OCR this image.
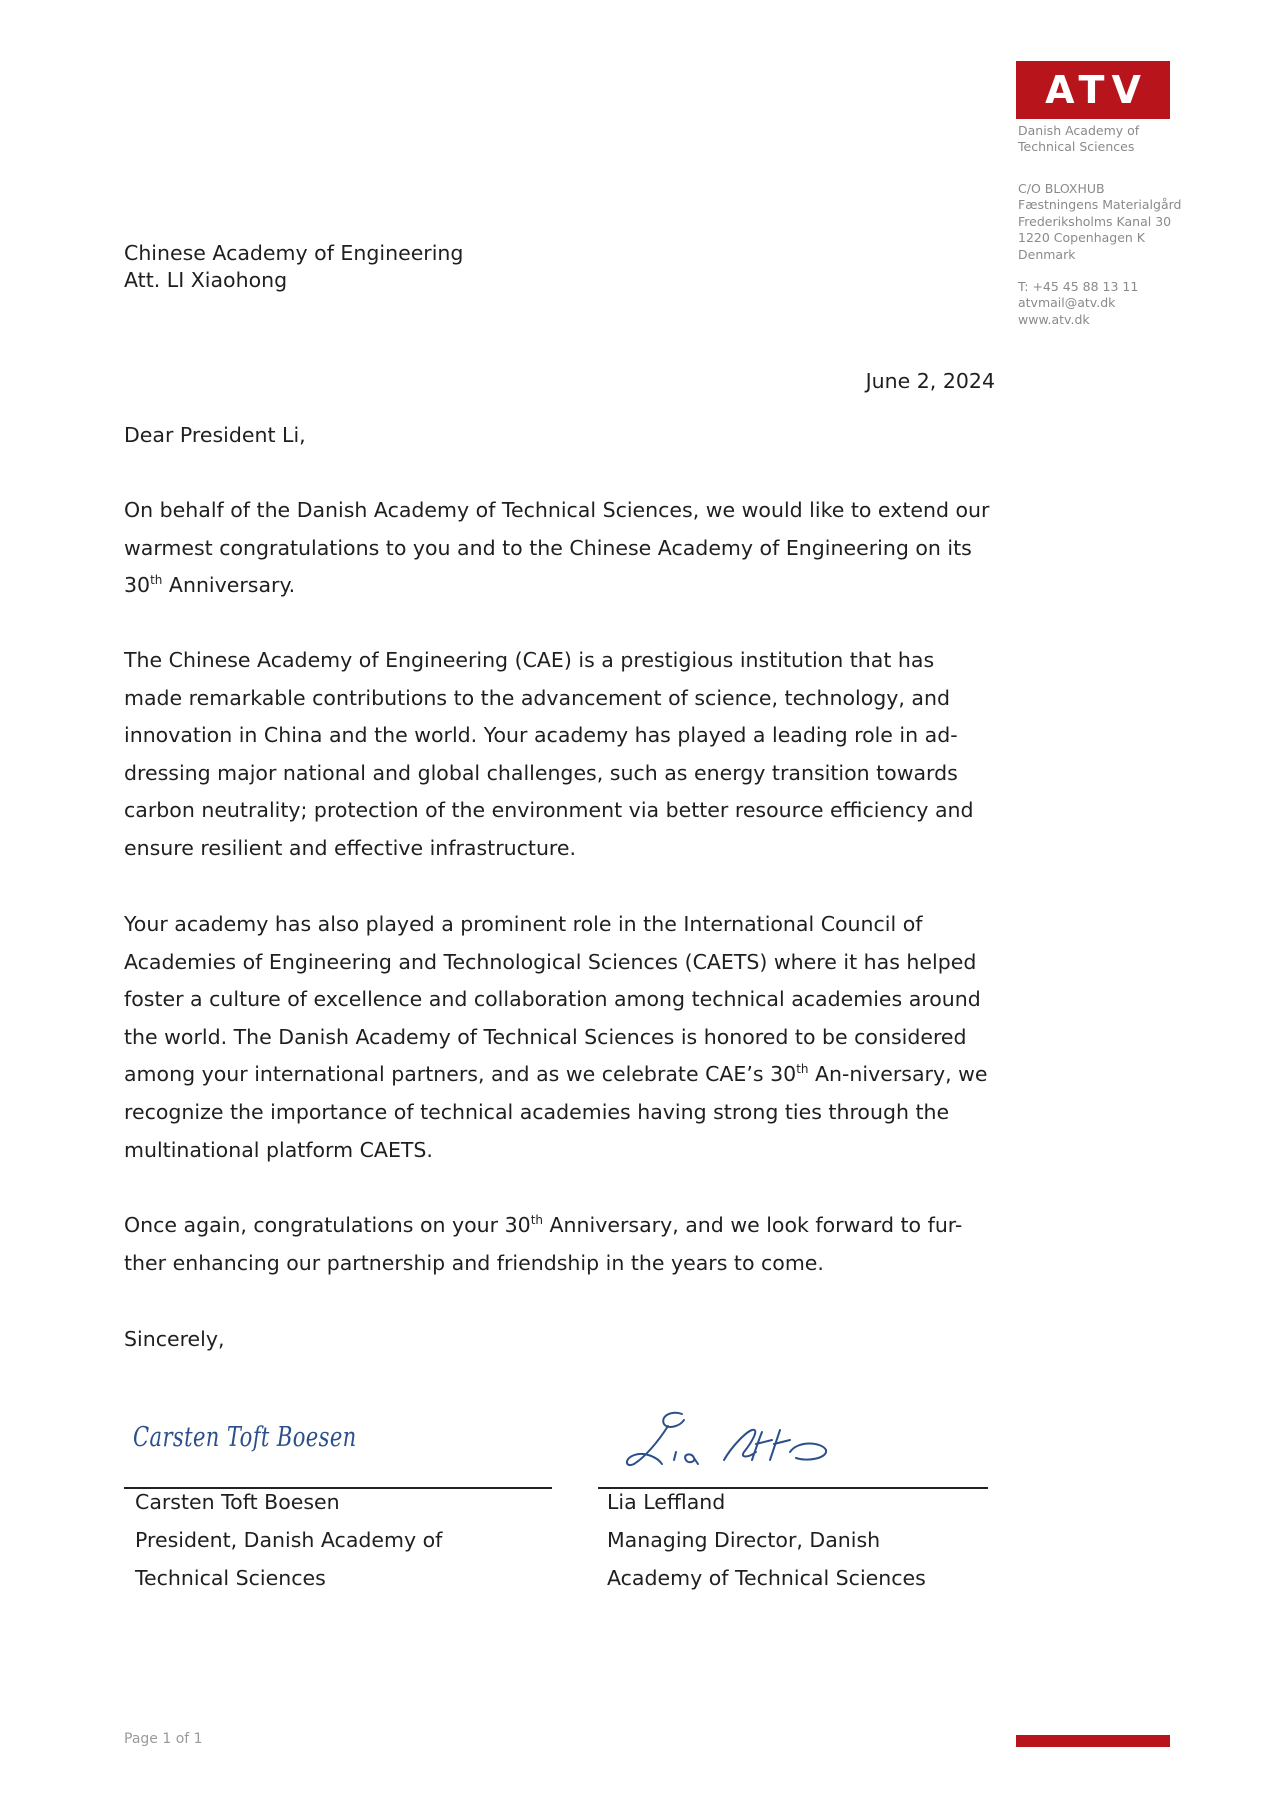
ATV
Danish Academy of
Technical Sciences
C/O BLOXHUB
Fæstningens Materialgård
Frederiksholms Kanal 30
1220 Copenhagen K
Denmark
T: +45 45 88 13 11
atvmail@atv.dk
www.atv.dk
Chinese Academy of Engineering
Att. LI Xiaohong
June 2, 2024

Dear President Li,

On behalf of the Danish Academy of Technical Sciences, we would like to extend our warmest congratulations to you and to the Chinese Academy of Engineering on its 30th Anniversary.

The Chinese Academy of Engineering (CAE) is a prestigious institution that has made remarkable contributions to the advancement of science, technology, and innovation in China and the world. Your academy has played a leading role in ad-dressing major national and global challenges, such as energy transition towards carbon neutrality; protection of the environment via better resource efficiency and ensure resilient and effective infrastructure.

Your academy has also played a prominent role in the International Council of Academies of Engineering and Technological Sciences (CAETS) where it has helped foster a culture of excellence and collaboration among technical academies around the world. The Danish Academy of Technical Sciences is honored to be considered among your international partners, and as we celebrate CAE’s 30th An-niversary, we recognize the importance of technical academies having strong ties through the multinational platform CAETS.

Once again, congratulations on your 30th Anniversary, and we look forward to fur-ther enhancing our partnership and friendship in the years to come.

Sincerely,

Carsten Toft Boesen
Carsten Toft Boesen
President, Danish Academy of
Technical Sciences
Lia Leffland
Managing Director, Danish
Academy of Technical Sciences
Page 1 of 1
